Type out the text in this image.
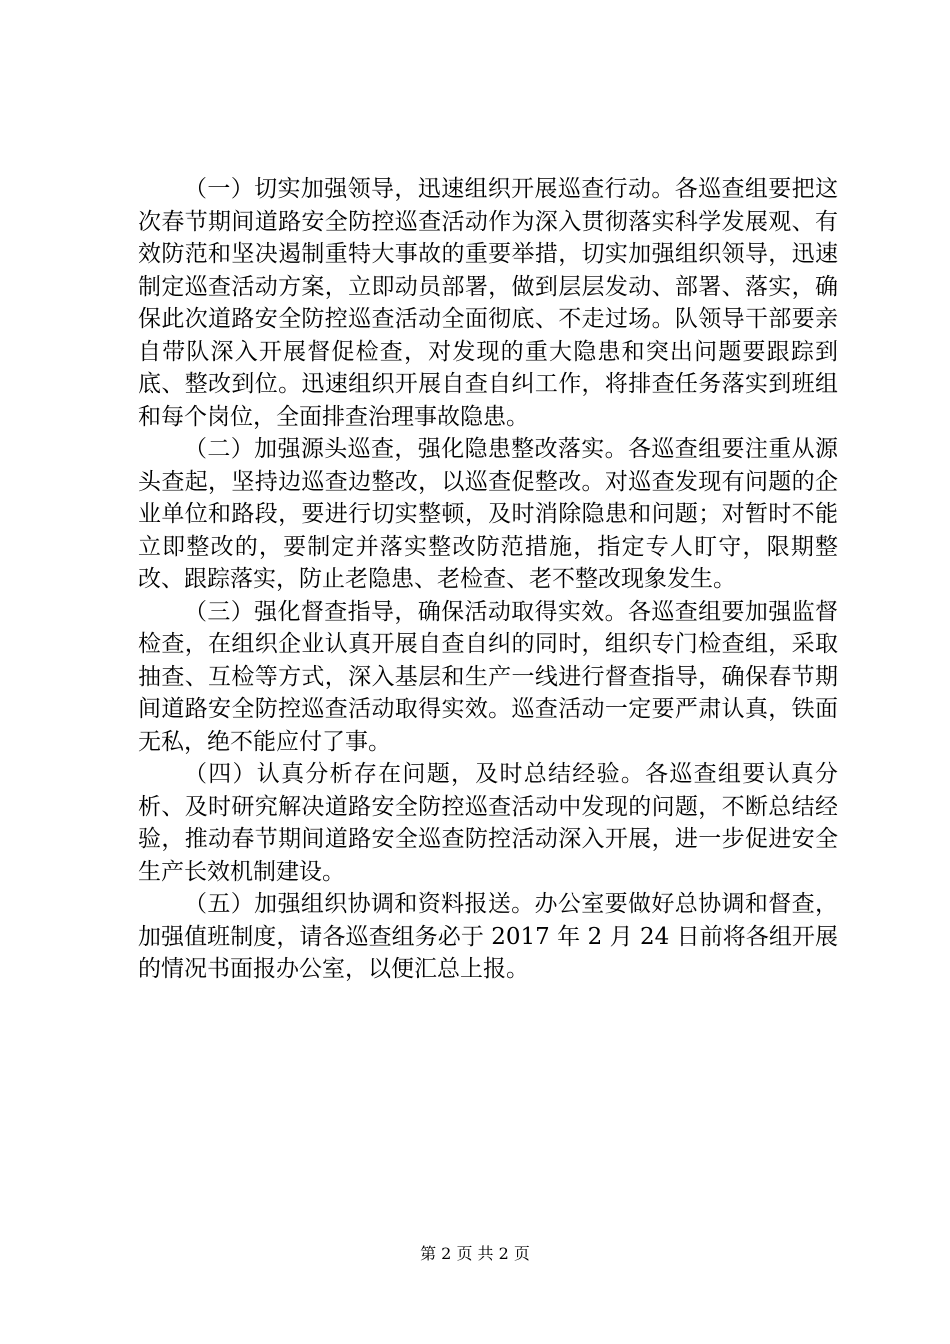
（一）切实加强领导，迅速组织开展巡查行动。各巡查组要把这次春节期间道路安全防控巡查活动作为深入贯彻落实科学发展观、有效防范和坚决遏制重特大事故的重要举措，切实加强组织领导，迅速制定巡查活动方案，立即动员部署，做到层层发动、部署、落实，确保此次道路安全防控巡查活动全面彻底、不走过场。队领导干部要亲自带队深入开展督促检查，对发现的重大隐患和突出问题要跟踪到底、整改到位。迅速组织开展自查自纠工作，将排查任务落实到班组和每个岗位，全面排查治理事故隐患。

（二）加强源头巡查，强化隐患整改落实。各巡查组要注重从源头查起，坚持边巡查边整改，以巡查促整改。对巡查发现有问题的企业单位和路段，要进行切实整顿，及时消除隐患和问题；对暂时不能立即整改的，要制定并落实整改防范措施，指定专人盯守，限期整改、跟踪落实，防止老隐患、老检查、老不整改现象发生。

（三）强化督查指导，确保活动取得实效。各巡查组要加强监督检查，在组织企业认真开展自查自纠的同时，组织专门检查组，采取抽查、互检等方式，深入基层和生产一线进行督查指导，确保春节期间道路安全防控巡查活动取得实效。巡查活动一定要严肃认真，铁面无私，绝不能应付了事。

（四）认真分析存在问题，及时总结经验。各巡查组要认真分析、及时研究解决道路安全防控巡查活动中发现的问题，不断总结经验，推动春节期间道路安全巡查防控活动深入开展，进一步促进安全生产长效机制建设。

（五）加强组织协调和资料报送。办公室要做好总协调和督查，加强值班制度，请各巡查组务必于 2017 年 2 月 24 日前将各组开展的情况书面报办公室，以便汇总上报。

第 2 页 共 2 页
